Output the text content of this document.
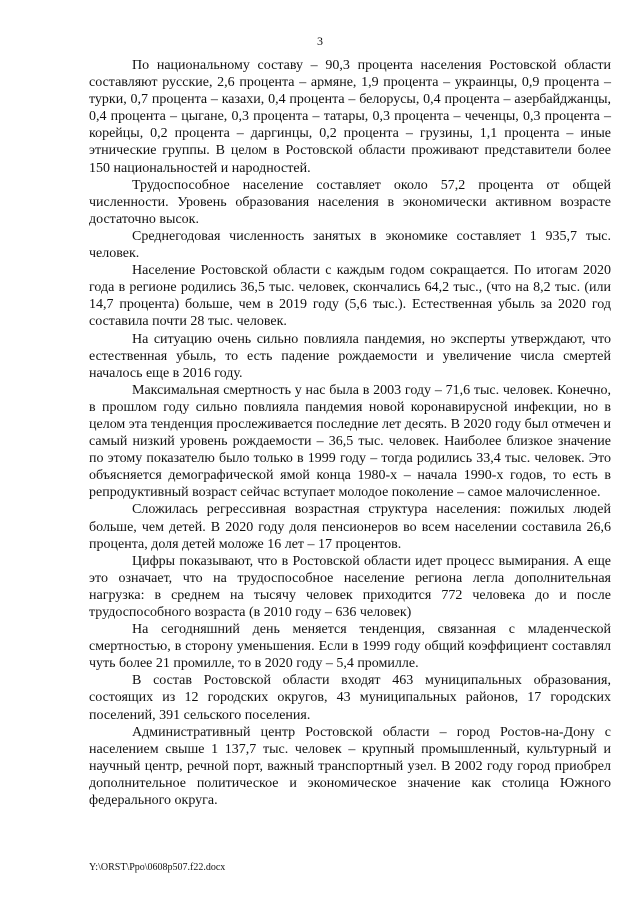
3

По национальному составу – 90,3 процента населения Ростовской области составляют русские, 2,6 процента – армяне, 1,9 процента – украинцы, 0,9 процента – турки, 0,7 процента – казахи, 0,4 процента – белорусы, 0,4 процента – азербайджанцы, 0,4 процента – цыгане, 0,3 процента – татары, 0,3 процента – чеченцы, 0,3 процента – корейцы, 0,2 процента – даргинцы, 0,2 процента – грузины, 1,1 процента – иные этнические группы. В целом в Ростовской области проживают представители более 150 национальностей и народностей.

Трудоспособное население составляет около 57,2 процента от общей численности. Уровень образования населения в экономически активном возрасте достаточно высок.

Среднегодовая численность занятых в экономике составляет 1 935,7 тыс. человек.

Население Ростовской области с каждым годом сокращается. По итогам 2020 года в регионе родились 36,5 тыс. человек, скончались 64,2 тыс., (что на 8,2 тыс. (или 14,7 процента) больше, чем в 2019 году (5,6 тыс.). Естественная убыль за 2020 год составила почти 28 тыс. человек.

На ситуацию очень сильно повлияла пандемия, но эксперты утверждают, что естественная убыль, то есть падение рождаемости и увеличение числа смертей началось еще в 2016 году.

Максимальная смертность у нас была в 2003 году – 71,6 тыс. человек. Конечно, в прошлом году сильно повлияла пандемия новой коронавирусной инфекции, но в целом эта тенденция прослеживается последние лет десять. В 2020 году был отмечен и самый низкий уровень рождаемости – 36,5 тыс. человек. Наиболее близкое значение по этому показателю было только в 1999 году – тогда родились 33,4 тыс. человек. Это объясняется демографической ямой конца 1980-х – начала 1990-х годов, то есть в репродуктивный возраст сейчас вступает молодое поколение – самое малочисленное.

Сложилась регрессивная возрастная структура населения: пожилых людей больше, чем детей. В 2020 году доля пенсионеров во всем населении составила 26,6 процента, доля детей моложе 16 лет – 17 процентов.

Цифры показывают, что в Ростовской области идет процесс вымирания. А еще это означает, что на трудоспособное население региона легла дополнительная нагрузка: в среднем на тысячу человек приходится 772 человека до и после трудоспособного возраста (в 2010 году – 636 человек)

На сегодняшний день меняется тенденция, связанная с младенческой смертностью, в сторону уменьшения. Если в 1999 году общий коэффициент составлял чуть более 21 промилле, то в 2020 году – 5,4 промилле.

В состав Ростовской области входят 463 муниципальных образования, состоящих из 12 городских округов, 43 муниципальных районов, 17 городских поселений, 391 сельского поселения.

Административный центр Ростовской области – город Ростов-на-Дону с населением свыше 1 137,7 тыс. человек – крупный промышленный, культурный и научный центр, речной порт, важный транспортный узел. В 2002 году город приобрел дополнительное политическое и экономическое значение как столица Южного федерального округа.

Y:\ORST\Ppo\0608p507.f22.docx
